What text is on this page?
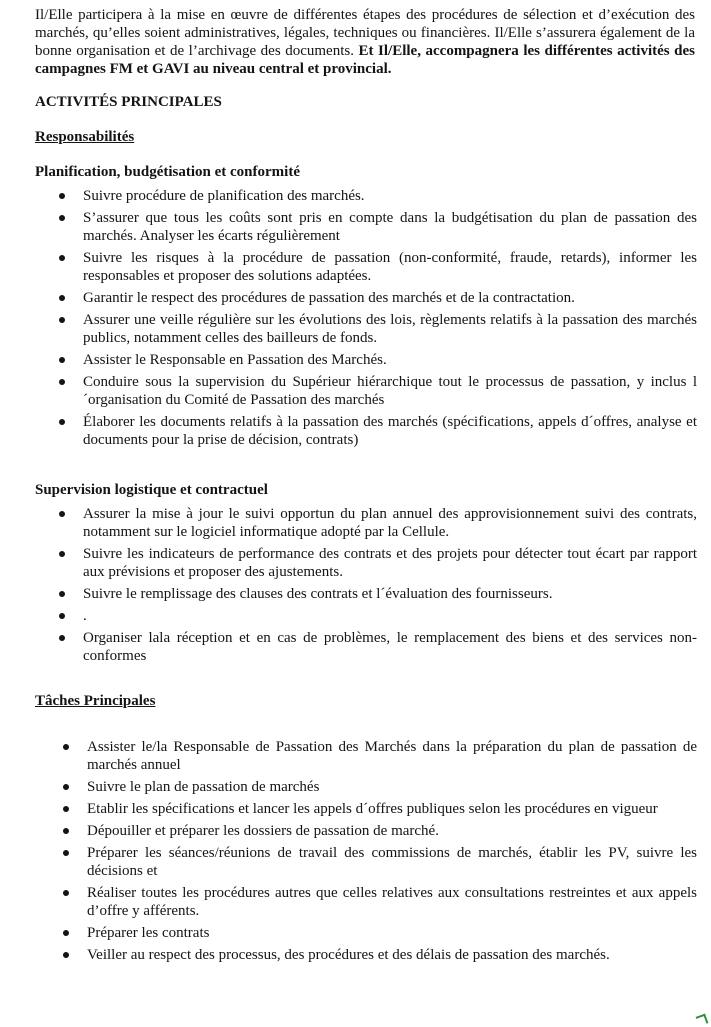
Il/Elle participera à la mise en œuvre de différentes étapes des procédures de sélection et d’exécution des marchés, qu’elles soient administratives, légales, techniques ou financières. Il/Elle s’assurera également de la bonne organisation et de l’archivage des documents. Et Il/Elle, accompagnera les différentes activités des campagnes FM et GAVI au niveau central et provincial.

ACTIVITÉS PRINCIPALES

Responsabilités

Planification, budgétisation et conformité

Suivre procédure de planification des marchés.
S’assurer que tous les coûts sont pris en compte dans la budgétisation du plan de passation des marchés. Analyser les écarts régulièrement
Suivre les risques à la procédure de passation (non-conformité, fraude, retards), informer les responsables et proposer des solutions adaptées.
Garantir le respect des procédures de passation des marchés et de la contractation.
Assurer une veille régulière sur les évolutions des lois, règlements relatifs à la passation des marchés publics, notamment celles des bailleurs de fonds.
Assister le Responsable en Passation des Marchés.
Conduire sous la supervision du Supérieur hiérarchique tout le processus de passation, y inclus l´organisation du Comité de Passation des marchés
Élaborer les documents relatifs à la passation des marchés (spécifications, appels d´offres, analyse et documents pour la prise de décision, contrats)

Supervision logistique et contractuel

Assurer la mise à jour le suivi opportun du plan annuel des approvisionnement suivi des contrats, notamment sur le logiciel informatique adopté par la Cellule.
Suivre les indicateurs de performance des contrats et des projets pour détecter tout écart par rapport aux prévisions et proposer des ajustements.
Suivre le remplissage des clauses des contrats et l´évaluation des fournisseurs.
.
Organiser lala réception et en cas de problèmes, le remplacement des biens et des services non-conformes

Tâches Principales

Assister le/la Responsable de Passation des Marchés dans la préparation du plan de passation de marchés annuel
Suivre le plan de passation de marchés
Etablir les spécifications et lancer les appels d´offres publiques selon les procédures en vigueur
Dépouiller et préparer les dossiers de passation de marché.
Préparer les séances/réunions de travail des commissions de marchés, établir les PV, suivre les décisions et
Réaliser toutes les procédures autres que celles relatives aux consultations restreintes et aux appels d’offre y afférents.
Préparer les contrats
Veiller au respect des processus, des procédures et des délais de passation des marchés.
